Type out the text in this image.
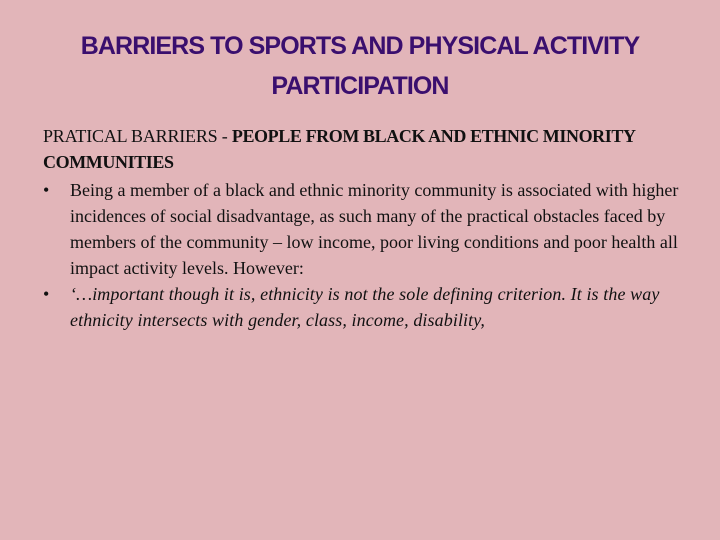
BARRIERS TO SPORTS AND PHYSICAL ACTIVITY PARTICIPATION

PRATICAL BARRIERS - PEOPLE FROM BLACK AND ETHNIC MINORITY COMMUNITIES

• Being a member of a black and ethnic minority community is associated with higher incidences of social disadvantage, as such many of the practical obstacles faced by members of the community – low income, poor living conditions and poor health all impact activity levels. However:
• ‘…important though it is, ethnicity is not the sole defining criterion. It is the way ethnicity intersects with gender, class, income, disability,
